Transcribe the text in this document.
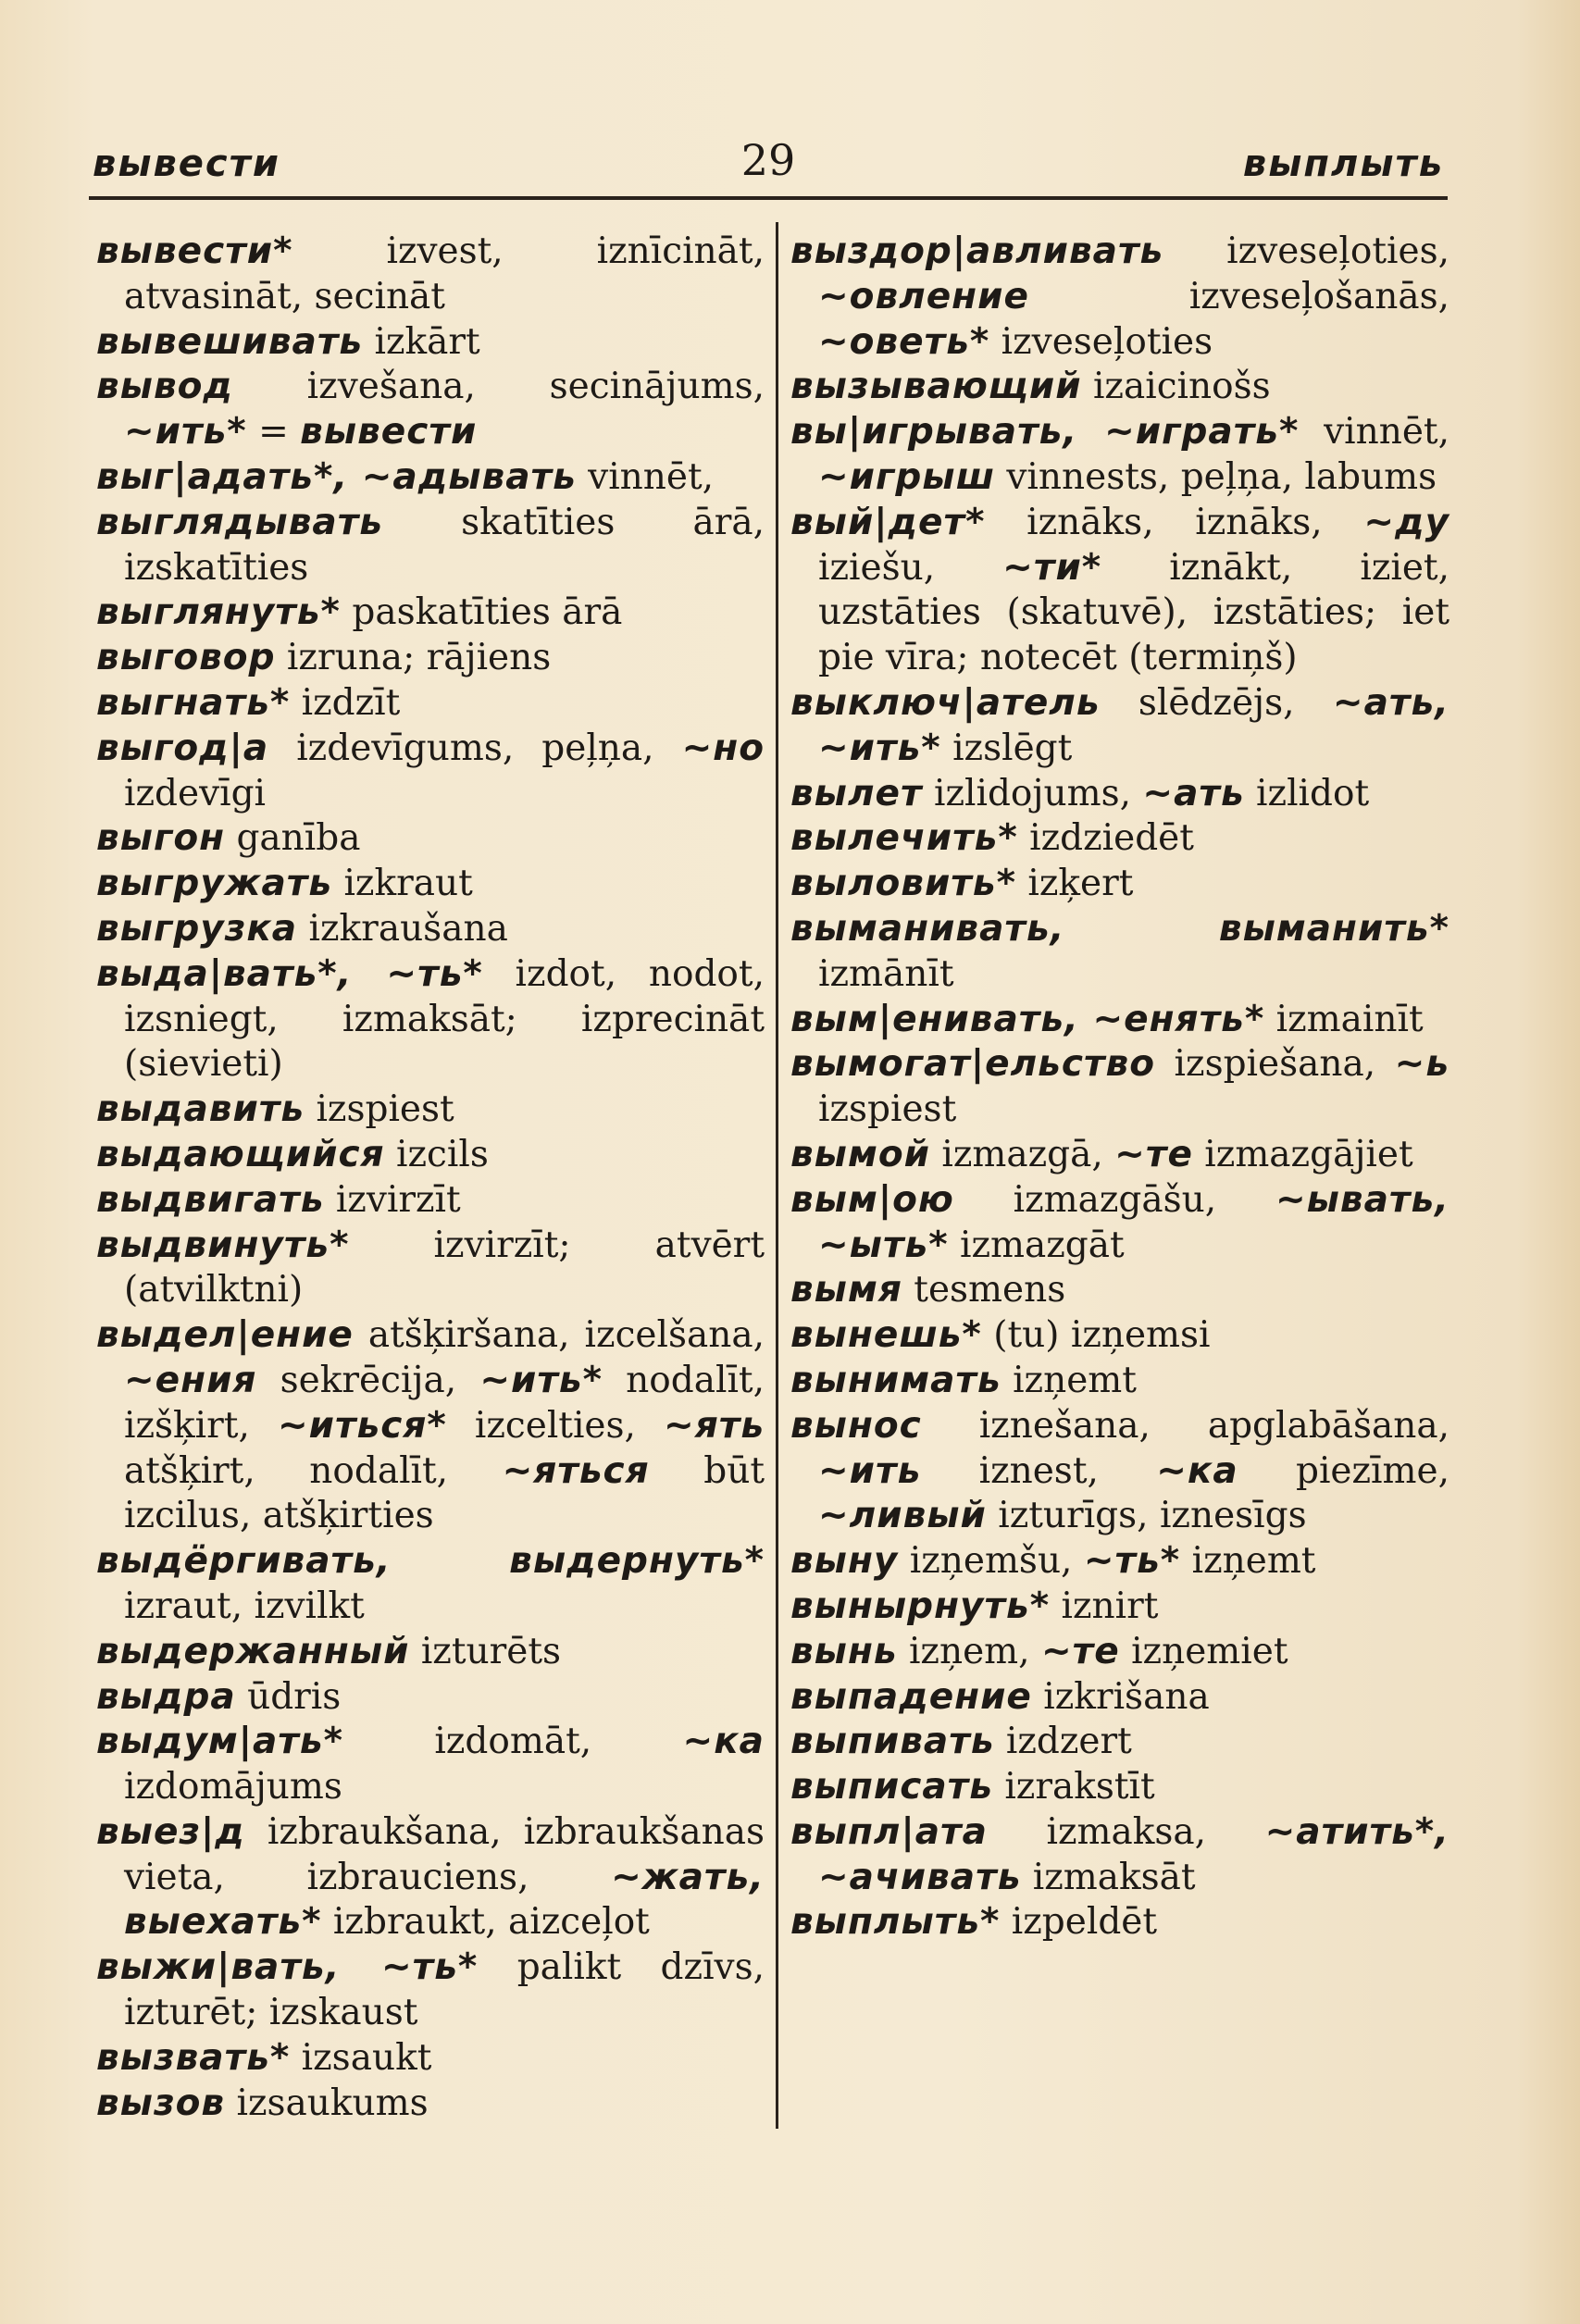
вывести	29	выплыть
вывести* izvest, iznīcināt, atvasināt, secināt
вывешивать izkārt
вывод izvešana, secinājums, ~ить* = вывести
выг|адать*, ~адывать vinnēt,
выглядывать skatīties ārā, izskatīties
выглянуть* paskatīties ārā
выговор izruna; rājiens
выгнать* izdzīt
выгод|а izdevīgums, peļņa, ~но izdevīgi
выгон ganība
выгружать izkraut
выгрузка izkraušana
выда|вать*, ~ть* izdot, nodot, izsniegt, izmaksāt; izprecināt (sievieti)
выдавить izspiest
выдающийся izcils
выдвигать izvirzīt
выдвинуть* izvirzīt; atvērt (atvilktni)
выдел|ение atšķiršana, izcelšana, ~ения sekrēcija, ~ить* nodalīt, izšķirt, ~иться* izcelties, ~ять atšķirt, nodalīt, ~яться būt izcilus, atšķirties
выдёргивать, выдернуть* izraut, izvilkt
выдержанный izturēts
выдра ūdris
выдум|ать* izdomāt, ~ка izdomājums
выез|д izbraukšana, izbraukšanas vieta, izbrauciens, ~жать, выехать* izbraukt, aizceļot
выжи|вать, ~ть* palikt dzīvs, izturēt; izskaust
вызвать* izsaukt
вызов izsaukums
выздор|авливать izveseļoties, ~овление izveseļošanās, ~оветь* izveseļoties
вызывающий izaicinošs
вы|игрывать, ~играть* vinnēt, ~игрыш vinnests, peļņa, labums
вый|дет* iznāks, iznāks, ~ду iziešu, ~ти* iznākt, iziet, uzstāties (skatuvē), izstāties; iet pie vīra; notecēt (termiņš)
выключ|атель slēdzējs, ~ать, ~ить* izslēgt
вылет izlidojums, ~ать izlidot
вылечить* izdziedēt
выловить* izķert
выманивать, выманить* izmānīt
вым|енивать, ~енять* izmainīt
вымогат|ельство izspiešana, ~ь izspiest
вымой izmazgā, ~те izmazgājiet
вым|ою izmazgāšu, ~ывать, ~ыть* izmazgāt
вымя tesmens
вынешь* (tu) izņemsi
вынимать izņemt
вынос iznešana, apglabāšana, ~ить iznest, ~ка piezīme, ~ливый izturīgs, iznesīgs
выну izņemšu, ~ть* izņemt
вынырнуть* iznirt
вынь izņem, ~те izņemiet
выпадение izkrišana
выпивать izdzert
выписать izrakstīt
выпл|ата izmaksa, ~атить*, ~ачивать izmaksāt
выплыть* izpeldēt
